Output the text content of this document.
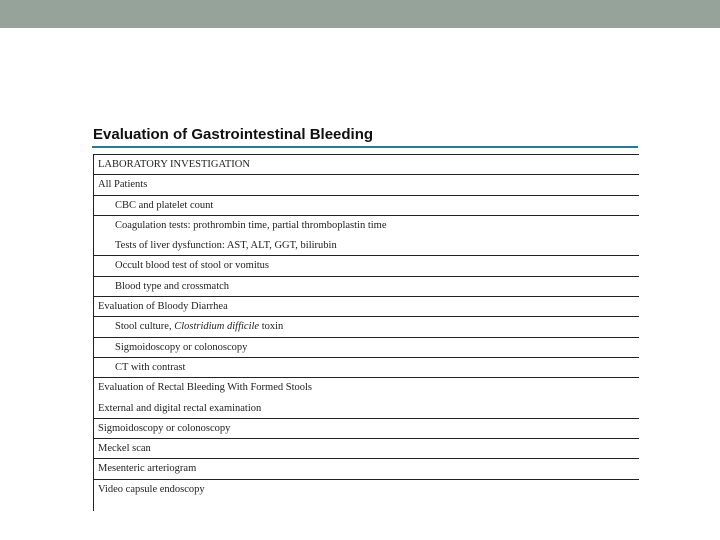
Evaluation of Gastrointestinal Bleeding
LABORATORY INVESTIGATION
All Patients
CBC and platelet count
Coagulation tests: prothrombin time, partial thromboplastin time
Tests of liver dysfunction: AST, ALT, GGT, bilirubin
Occult blood test of stool or vomitus
Blood type and crossmatch
Evaluation of Bloody Diarrhea
Stool culture, Clostridium difficile toxin
Sigmoidoscopy or colonoscopy
CT with contrast
Evaluation of Rectal Bleeding With Formed Stools
External and digital rectal examination
Sigmoidoscopy or colonoscopy
Meckel scan
Mesenteric arteriogram
Video capsule endoscopy
